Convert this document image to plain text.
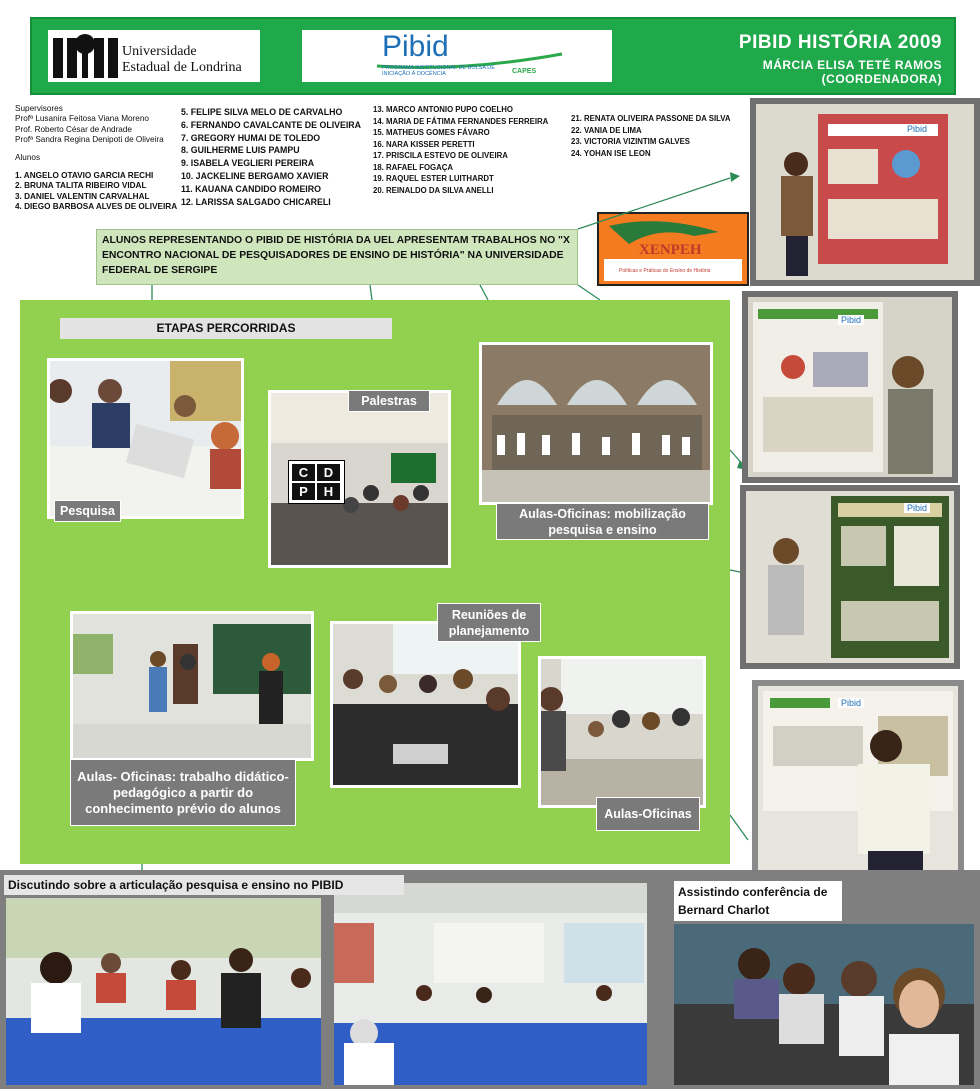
Universidade
Estadual de Londrina
Pibid
PROGRAMA INSTITUCIONAL DE BOLSA DE INICIAÇÃO À DOCÊNCIA	CAPES
PIBID HISTÓRIA 2009
MÁRCIA ELISA TETÉ RAMOS
(COORDENADORA)
Supervisores
Profª Lusanira Feitosa Viana Moreno
Prof. Roberto César de Andrade
Profª Sandra Regina Denipoti de Oliveira
Alunos
1. ANGELO OTAVIO GARCIA RECHI
2. BRUNA TALITA RIBEIRO VIDAL
3. DANIEL VALENTIN CARVALHAL
4. DIEGO BARBOSA ALVES DE OLIVEIRA
5. FELIPE SILVA MELO DE CARVALHO
6. FERNANDO CAVALCANTE DE OLIVEIRA
7. GREGORY HUMAI DE TOLEDO
8. GUILHERME LUIS PAMPU
9. ISABELA VEGLIERI PEREIRA
10. JACKELINE BERGAMO XAVIER
11. KAUANA CANDIDO ROMEIRO
12. LARISSA SALGADO CHICARELI
13. MARCO ANTONIO PUPO COELHO
14. MARIA DE FÁTIMA FERNANDES FERREIRA
15. MATHEUS GOMES FÁVARO
16. NARA KISSER PERETTI
17. PRISCILA ESTEVO DE OLIVEIRA
18. RAFAEL FOGAÇA
19. RAQUEL ESTER LUITHARDT
20. REINALDO DA SILVA ANELLI
21. RENATA OLIVEIRA PASSONE DA SILVA
22. VANIA DE LIMA
23. VICTORIA VIZINTIM GALVES
24. YOHAN ISE LEON
ALUNOS REPRESENTANDO O PIBID DE HISTÓRIA DA UEL APRESENTAM TRABALHOS NO "X ENCONTRO NACIONAL DE PESQUISADORES DE ENSINO DE HISTÓRIA" NA UNIVERSIDADE FEDERAL DE SERGIPE
XENPEH
Políticas e Práticas do Ensino de História
ETAPAS PERCORRIDAS
Pesquisa
C	D
P	H
Palestras
Aulas-Oficinas: mobilização pesquisa e ensino
Aulas- Oficinas: trabalho didático-pedagógico a partir do conhecimento prévio do alunos
Reuniões de planejamento
Aulas-Oficinas
Pibid
Pibid
Pibid
Pibid
Discutindo sobre a articulação pesquisa e ensino no PIBID	Assistindo conferência de Bernard Charlot
